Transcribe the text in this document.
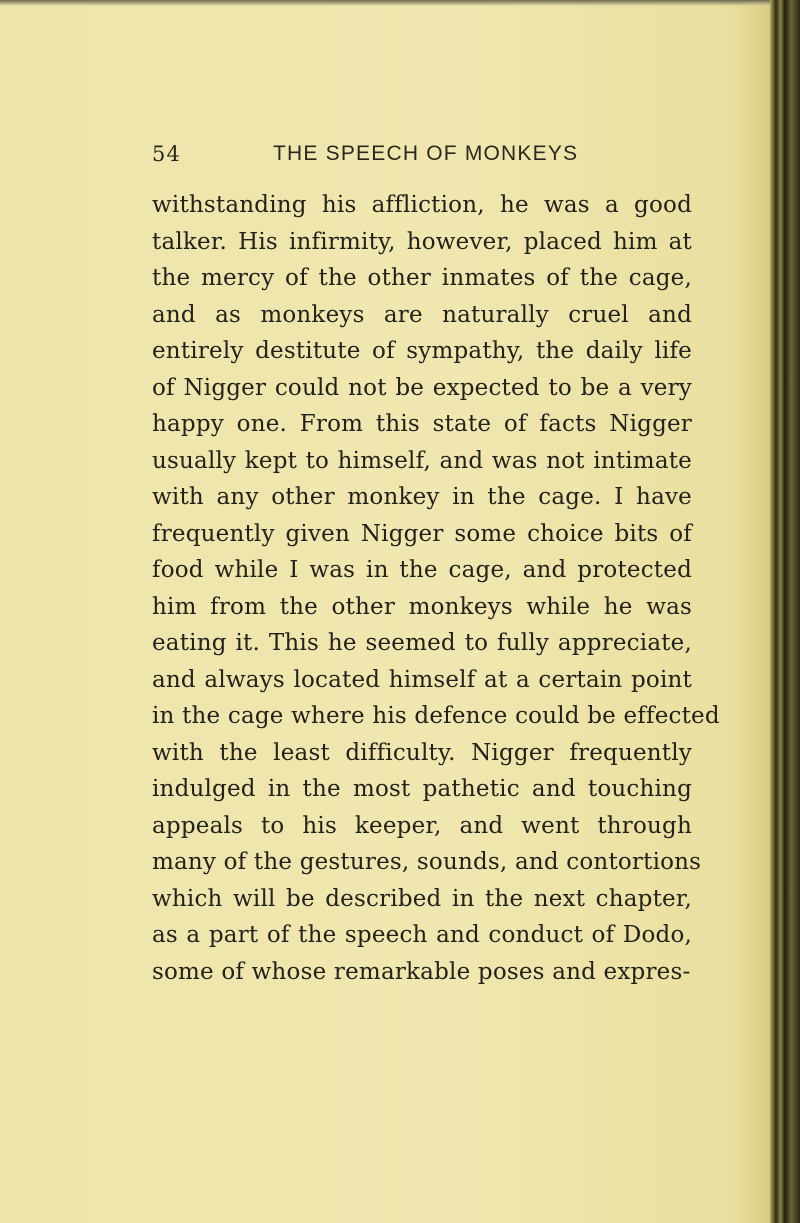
54	THE SPEECH OF MONKEYS
withstanding his affliction, he was a good
talker. His infirmity, however, placed him at
the mercy of the other inmates of the cage,
and as monkeys are naturally cruel and
entirely destitute of sympathy, the daily life
of Nigger could not be expected to be a very
happy one. From this state of facts Nigger
usually kept to himself, and was not intimate
with any other monkey in the cage. I have
frequently given Nigger some choice bits of
food while I was in the cage, and protected
him from the other monkeys while he was
eating it. This he seemed to fully appreciate,
and always located himself at a certain point
in the cage where his defence could be effected
with the least difficulty. Nigger frequently
indulged in the most pathetic and touching
appeals to his keeper, and went through
many of the gestures, sounds, and contortions
which will be described in the next chapter,
as a part of the speech and conduct of Dodo,
some of whose remarkable poses and expres-
